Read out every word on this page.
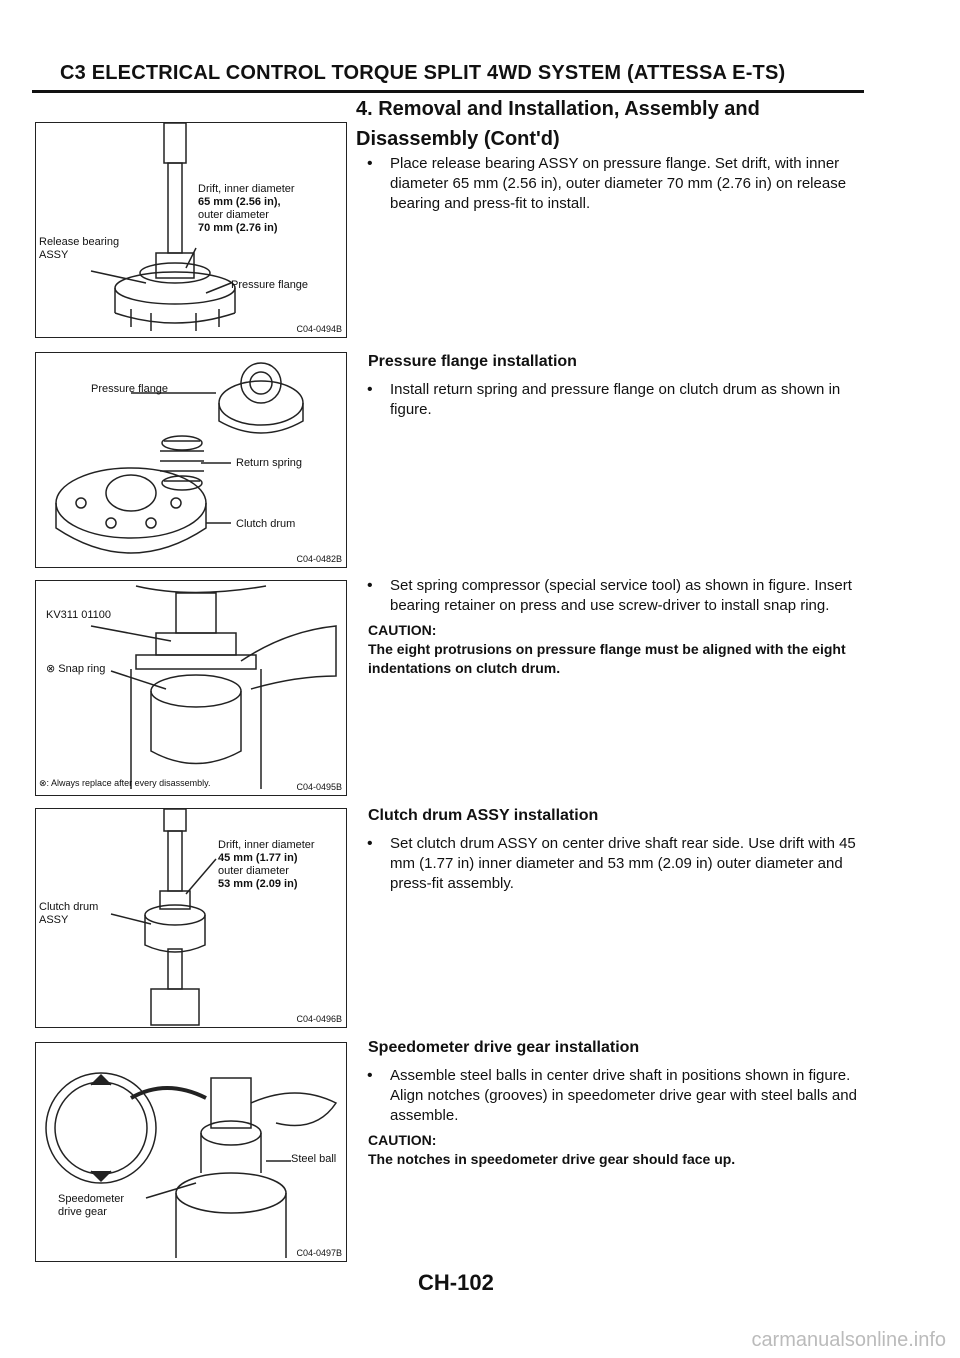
C3 ELECTRICAL CONTROL TORQUE SPLIT 4WD SYSTEM (ATTESSA E-TS)
4. Removal and Installation, Assembly and Disassembly (Cont'd)
Drift, inner diameter
65 mm (2.56 in),
outer diameter
70 mm (2.76 in)
Release bearing
ASSY
Pressure flange
C04-0494B
Pressure flange
Return spring
Clutch drum
C04-0482B
KV311 01100
⊗ Snap ring
⊗: Always replace after every disassembly.	C04-0495B
Drift, inner diameter
45 mm (1.77 in)
outer diameter
53 mm (2.09 in)
Clutch drum
ASSY
C04-0496B
Steel ball
Speedometer
drive gear
C04-0497B

• Place release bearing ASSY on pressure flange. Set drift, with inner diameter 65 mm (2.56 in), outer diameter 70 mm (2.76 in) on release bearing and press-fit to install.

Pressure flange installation

• Install return spring and pressure flange on clutch drum as shown in figure.

• Set spring compressor (special service tool) as shown in figure. Insert bearing retainer on press and use screw-driver to install snap ring.

CAUTION:
The eight protrusions on pressure flange must be aligned with the eight indentations on clutch drum.
Clutch drum ASSY installation

• Set clutch drum ASSY on center drive shaft rear side. Use drift with 45 mm (1.77 in) inner diameter and 53 mm (2.09 in) outer diameter and press-fit assembly.

Speedometer drive gear installation

• Assemble steel balls in center drive shaft in positions shown in figure. Align notches (grooves) in speedometer drive gear with steel balls and assemble.

CAUTION:
The notches in speedometer drive gear should face up.
CH-102
carmanualsonline.info
